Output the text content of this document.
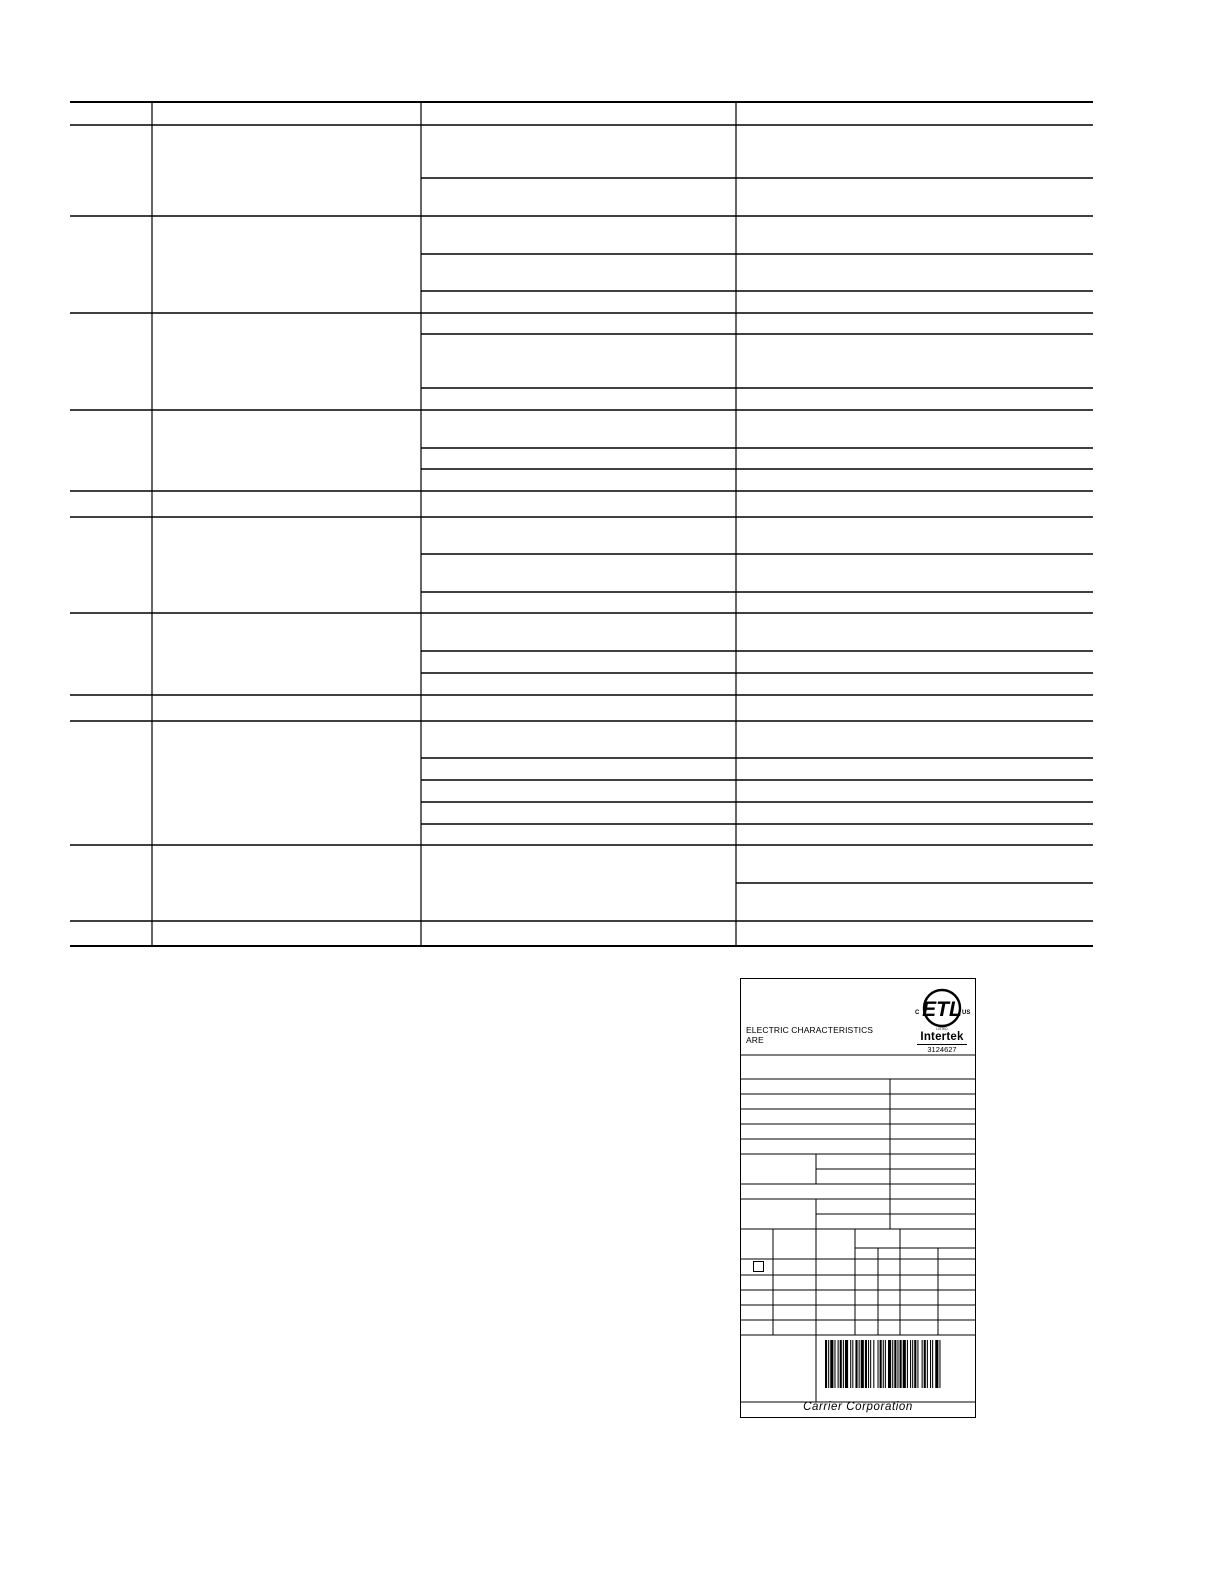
ELECTRIC CHARACTERISTICS
ARE
ETL
C	US
LISTED
Intertek
3124627
Carrier Corporation
